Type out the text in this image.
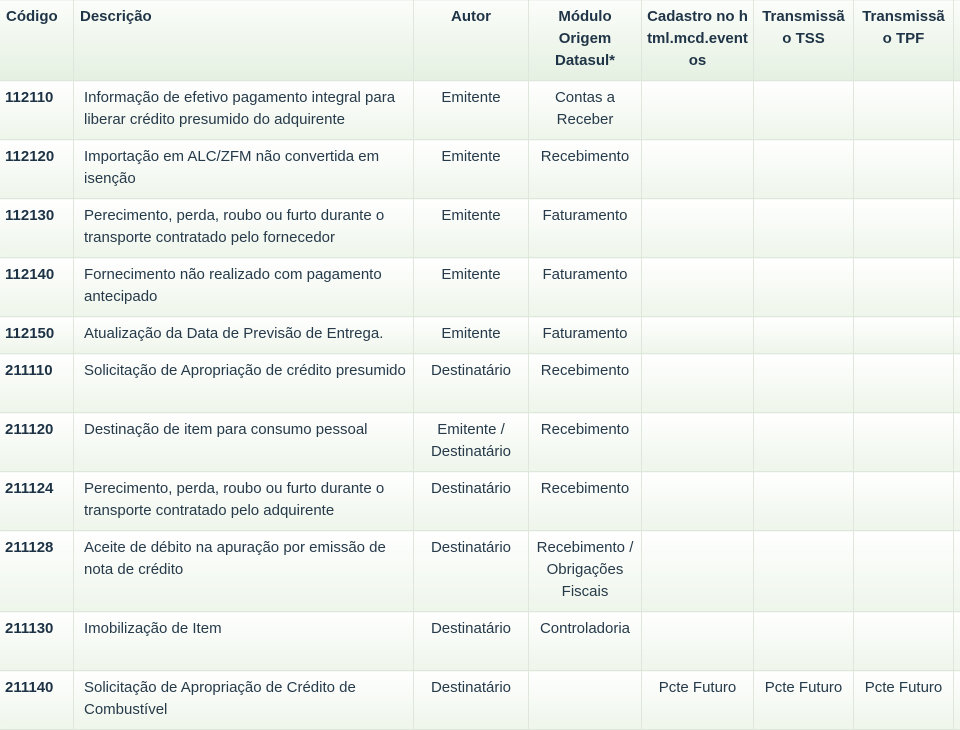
Código	Descrição	Autor	Módulo Origem Datasul*	Cadastro no html.mcd.eventos	Transmissão TSS	Transmissão TPF	
112110	Informação de efetivo pagamento integral para liberar crédito presumido do adquirente	Emitente	Contas a Receber				
112120	Importação em ALC/ZFM não convertida em isenção	Emitente	Recebimento				
112130	Perecimento, perda, roubo ou furto durante o transporte contratado pelo fornecedor	Emitente	Faturamento				
112140	Fornecimento não realizado com pagamento antecipado	Emitente	Faturamento				
112150	Atualização da Data de Previsão de Entrega.	Emitente	Faturamento				
211110	Solicitação de Apropriação de crédito presumido	Destinatário	Recebimento				
211120	Destinação de item para consumo pessoal	Emitente / Destinatário	Recebimento				
211124	Perecimento, perda, roubo ou furto durante o transporte contratado pelo adquirente	Destinatário	Recebimento				
211128	Aceite de débito na apuração por emissão de nota de crédito	Destinatário	Recebimento / Obrigações Fiscais				
211130	Imobilização de Item	Destinatário	Controladoria				
211140	Solicitação de Apropriação de Crédito de Combustível	Destinatário		Pcte Futuro	Pcte Futuro	Pcte Futuro	
